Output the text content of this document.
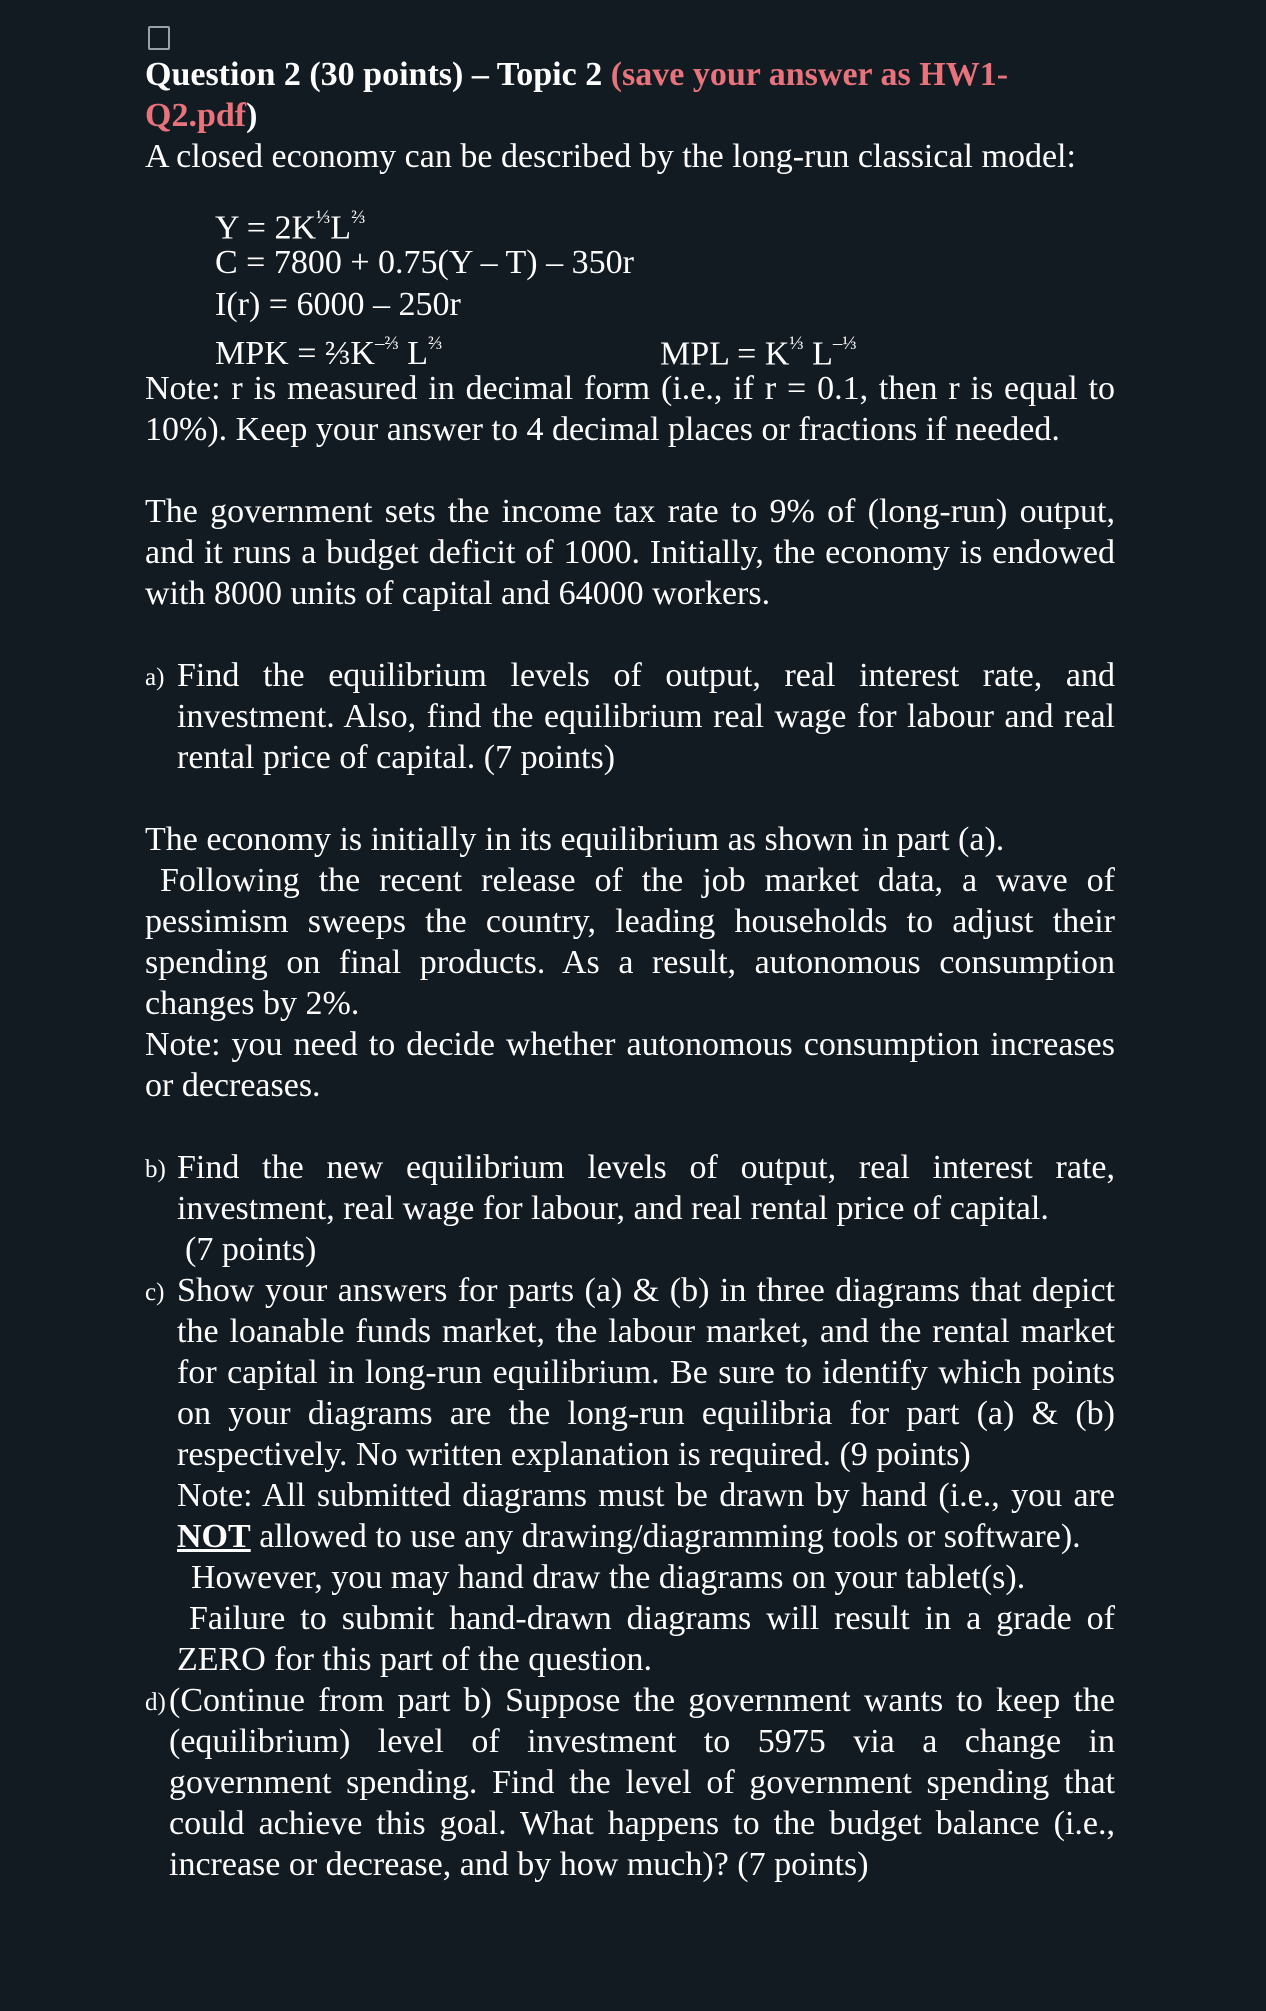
Question 2 (30 points) – Topic 2 (save your answer as HW1-Q2.pdf)

A closed economy can be described by the long-run classical model:

$Y = 2K^{\frac{1}{3}}L^{\frac{2}{3}}$
C = 7800 + 0.75(Y – T) – 350r
I(r) = 6000 – 250r
MPK = $\frac{2}{3}K^{-\frac{2}{3}}$ $L^{\frac{2}{3}}$	MPL = $K^{\frac{1}{3}}$ $L^{-\frac{1}{3}}$

Note: r is measured in decimal form (i.e., if r = 0.1, then r is equal to 10%). Keep your answer to 4 decimal places or fractions if needed.

The government sets the income tax rate to 9% of (long-run) output, and it runs a budget deficit of 1000. Initially, the economy is endowed with 8000 units of capital and 64000 workers.

a) Find the equilibrium levels of output, real interest rate, and investment. Also, find the equilibrium real wage for labour and real rental price of capital. (7 points)

The economy is initially in its equilibrium as shown in part (a).

Following the recent release of the job market data, a wave of pessimism sweeps the country, leading households to adjust their spending on final products. As a result, autonomous consumption changes by 2%.

Note: you need to decide whether autonomous consumption increases or decreases.

b) Find the new equilibrium levels of output, real interest rate, investment, real wage for labour, and real rental price of capital.

(7 points)

c) Show your answers for parts (a) & (b) in three diagrams that depict the loanable funds market, the labour market, and the rental market for capital in long-run equilibrium. Be sure to identify which points on your diagrams are the long-run equilibria for part (a) & (b) respectively. No written explanation is required. (9 points)

Note: All submitted diagrams must be drawn by hand (i.e., you are NOT allowed to use any drawing/diagramming tools or software).

However, you may hand draw the diagrams on your tablet(s).

Failure to submit hand-drawn diagrams will result in a grade of ZERO for this part of the question.

d) (Continue from part b) Suppose the government wants to keep the (equilibrium) level of investment to 5975 via a change in government spending. Find the level of government spending that could achieve this goal. What happens to the budget balance (i.e., increase or decrease, and by how much)? (7 points)
